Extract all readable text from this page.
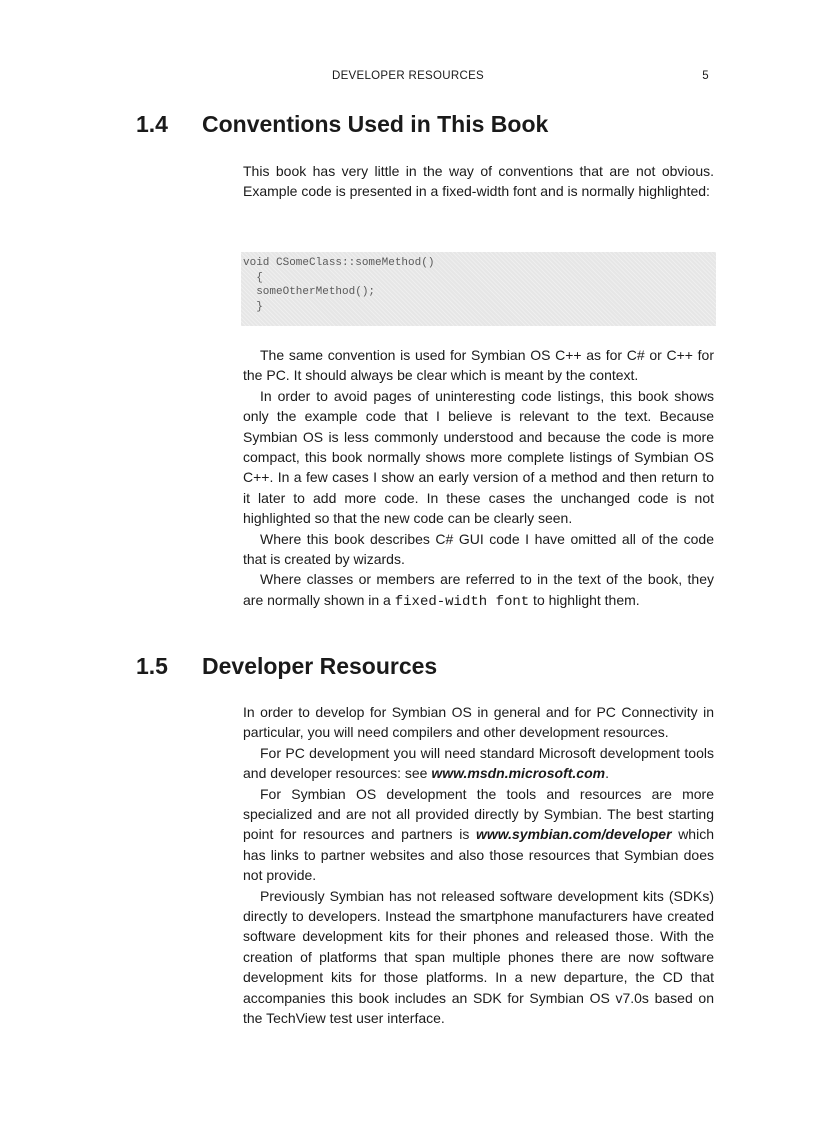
DEVELOPER RESOURCES	5
1.4 Conventions Used in This Book

This book has very little in the way of conventions that are not obvious. Example code is presented in a fixed-width font and is normally highlighted:

void CSomeClass::someMethod()
{
someOtherMethod();
}

The same convention is used for Symbian OS C++ as for C# or C++ for the PC. It should always be clear which is meant by the context.

In order to avoid pages of uninteresting code listings, this book shows only the example code that I believe is relevant to the text. Because Symbian OS is less commonly understood and because the code is more compact, this book normally shows more complete listings of Symbian OS C++. In a few cases I show an early version of a method and then return to it later to add more code. In these cases the unchanged code is not highlighted so that the new code can be clearly seen.

Where this book describes C# GUI code I have omitted all of the code that is created by wizards.

Where classes or members are referred to in the text of the book, they are normally shown in a fixed-width font to highlight them.

1.5 Developer Resources

In order to develop for Symbian OS in general and for PC Connectivity in particular, you will need compilers and other development resources.

For PC development you will need standard Microsoft development tools and developer resources: see www.msdn.microsoft.com.

For Symbian OS development the tools and resources are more specialized and are not all provided directly by Symbian. The best starting point for resources and partners is www.symbian.com/developer which has links to partner websites and also those resources that Symbian does not provide.

Previously Symbian has not released software development kits (SDKs) directly to developers. Instead the smartphone manufacturers have created software development kits for their phones and released those. With the creation of platforms that span multiple phones there are now software development kits for those platforms. In a new departure, the CD that accompanies this book includes an SDK for Symbian OS v7.0s based on the TechView test user interface.
